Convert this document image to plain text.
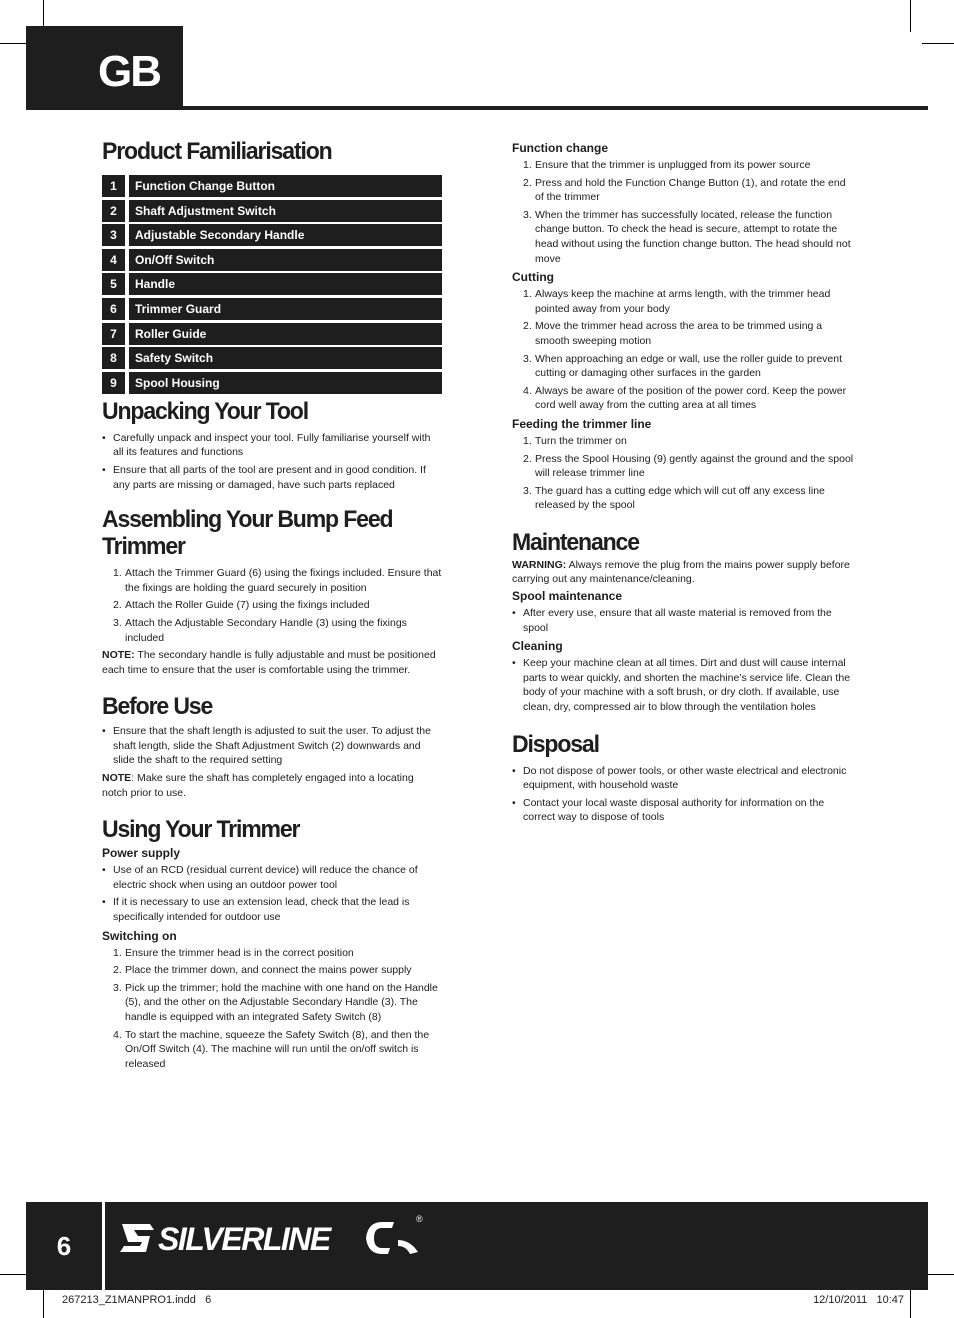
GB
Product Familiarisation
1	Function Change Button
2	Shaft Adjustment Switch
3	Adjustable Secondary Handle
4	On/Off Switch
5	Handle
6	Trimmer Guard
7	Roller Guide
8	Safety Switch
9	Spool Housing
Unpacking Your Tool
• Carefully unpack and inspect your tool. Fully familiarise yourself with all its features and functions
• Ensure that all parts of the tool are present and in good condition. If any parts are missing or damaged, have such parts replaced
Assembling Your Bump Feed Trimmer
1. Attach the Trimmer Guard (6) using the fixings included. Ensure that the fixings are holding the guard securely in position
2. Attach the Roller Guide (7) using the fixings included
3. Attach the Adjustable Secondary Handle (3) using the fixings included

NOTE: The secondary handle is fully adjustable and must be positioned each time to ensure that the user is comfortable using the trimmer.

Before Use
• Ensure that the shaft length is adjusted to suit the user. To adjust the shaft length, slide the Shaft Adjustment Switch (2) downwards and slide the shaft to the required setting

NOTE: Make sure the shaft has completely engaged into a locating notch prior to use.

Using Your Trimmer
Power supply
• Use of an RCD (residual current device) will reduce the chance of electric shock when using an outdoor power tool
• If it is necessary to use an extension lead, check that the lead is specifically intended for outdoor use
Switching on
1. Ensure the trimmer head is in the correct position
2. Place the trimmer down, and connect the mains power supply
3. Pick up the trimmer; hold the machine with one hand on the Handle (5), and the other on the Adjustable Secondary Handle (3). The handle is equipped with an integrated Safety Switch (8)
4. To start the machine, squeeze the Safety Switch (8), and then the On/Off Switch (4). The machine will run until the on/off switch is released
Function change
1. Ensure that the trimmer is unplugged from its power source
2. Press and hold the Function Change Button (1), and rotate the end of the trimmer
3. When the trimmer has successfully located, release the function change button. To check the head is secure, attempt to rotate the head without using the function change button. The head should not move
Cutting
1. Always keep the machine at arms length, with the trimmer head pointed away from your body
2. Move the trimmer head across the area to be trimmed using a smooth sweeping motion
3. When approaching an edge or wall, use the roller guide to prevent cutting or damaging other surfaces in the garden
4. Always be aware of the position of the power cord. Keep the power cord well away from the cutting area at all times
Feeding the trimmer line
1. Turn the trimmer on
2. Press the Spool Housing (9) gently against the ground and the spool will release trimmer line
3. The guard has a cutting edge which will cut off any excess line released by the spool
Maintenance

WARNING: Always remove the plug from the mains power supply before carrying out any maintenance/cleaning.

Spool maintenance
• After every use, ensure that all waste material is removed from the spool
Cleaning
• Keep your machine clean at all times. Dirt and dust will cause internal parts to wear quickly, and shorten the machine’s service life. Clean the body of your machine with a soft brush, or dry cloth. If available, use clean, dry, compressed air to blow through the ventilation holes
Disposal
• Do not dispose of power tools, or other waste electrical and electronic equipment, with household waste
• Contact your local waste disposal authority for information on the correct way to dispose of tools
6	SILVERLINE
®
267213_Z1MANPRO1.indd   6	12/10/2011   10:47
